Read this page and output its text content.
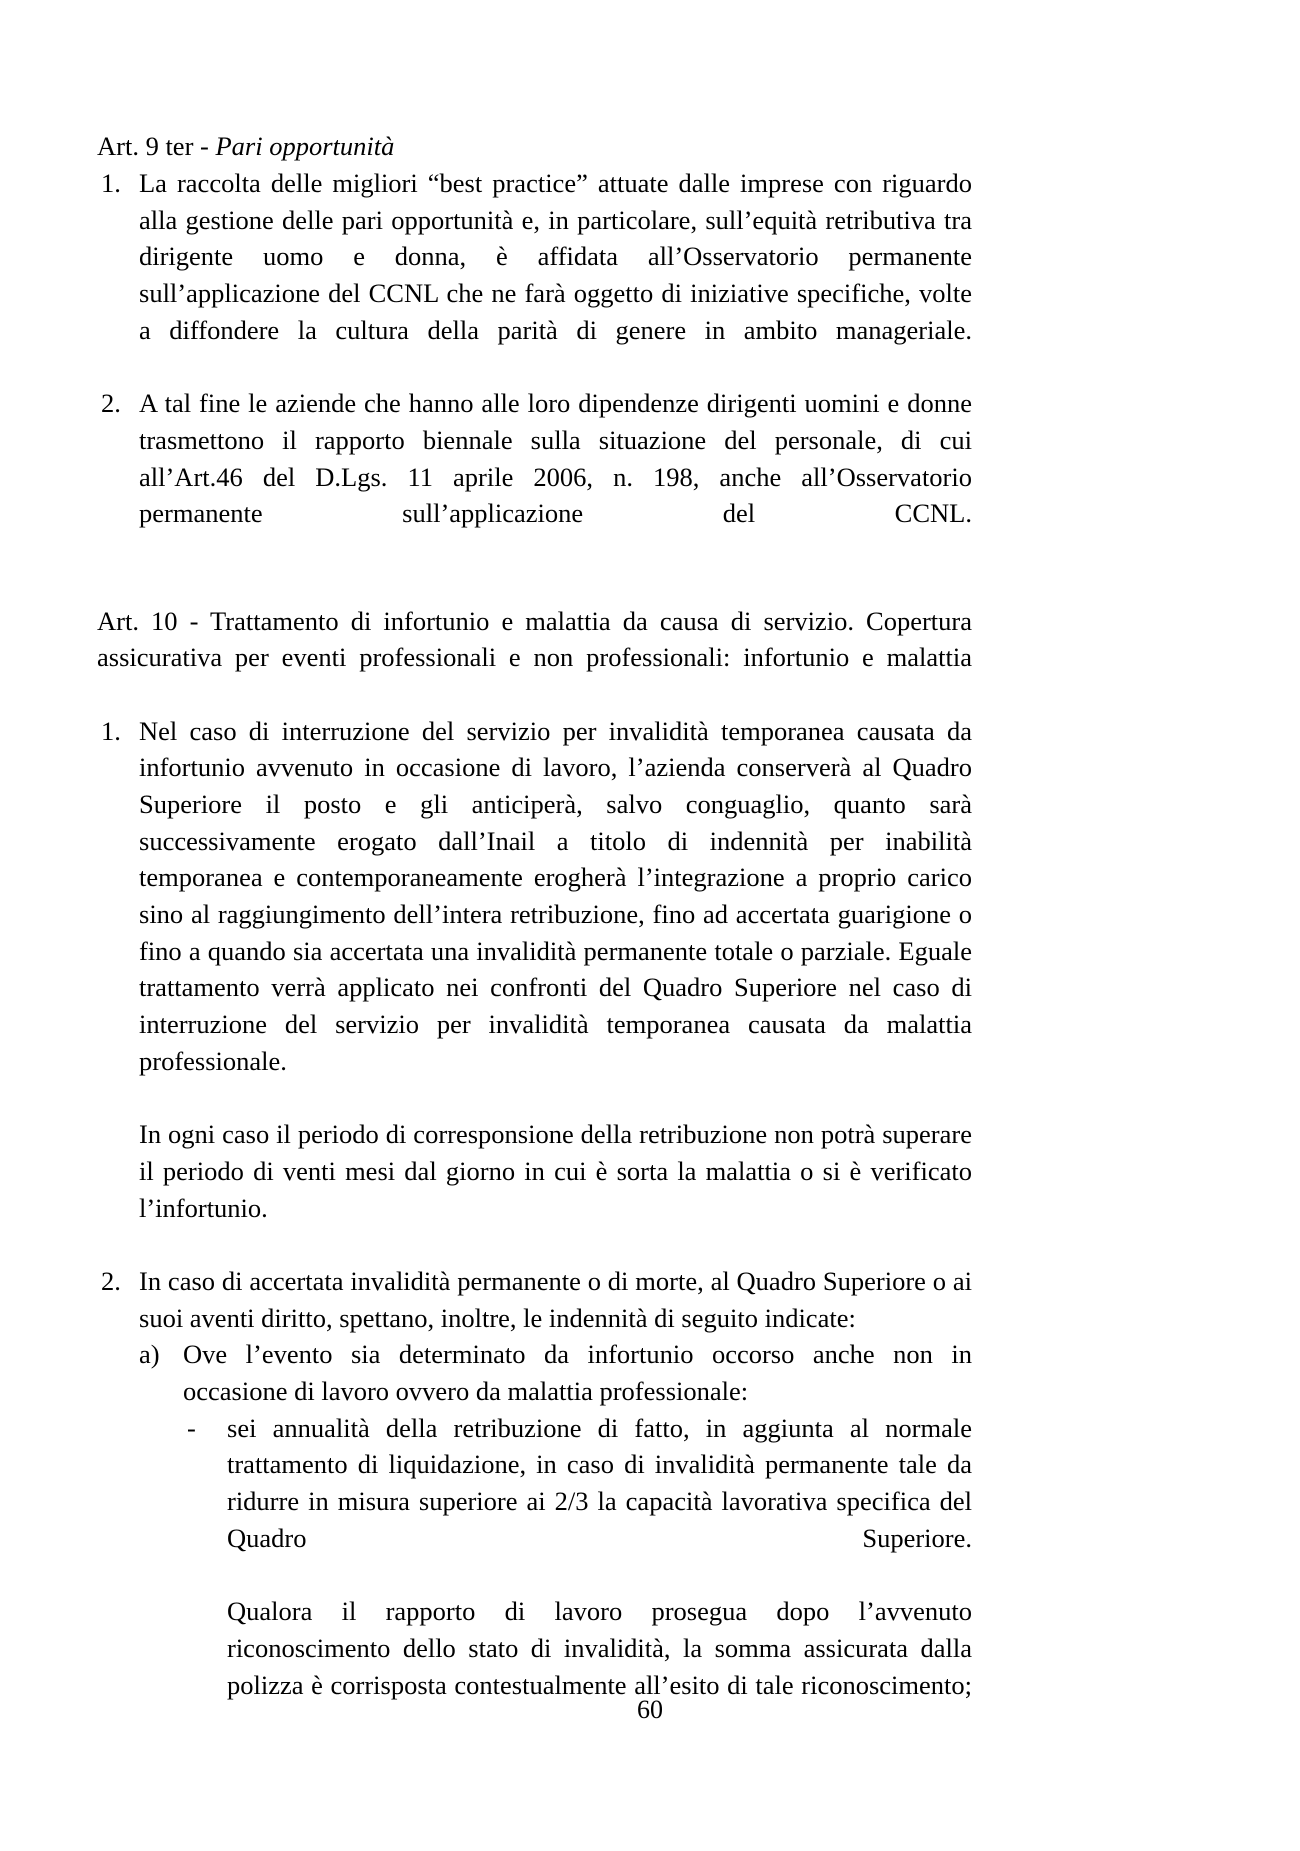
Art. 9 ter - Pari opportunità

1. La raccolta delle migliori “best practice” attuate dalle imprese con riguardo alla gestione delle pari opportunità e, in particolare, sull’equità retributiva tra dirigente uomo e donna, è affidata all’Osservatorio permanente sull’applicazione del CCNL che ne farà oggetto di iniziative specifiche, volte a diffondere la cultura della parità di genere in ambito manageriale.

2. A tal fine le aziende che hanno alle loro dipendenze dirigenti uomini e donne trasmettono il rapporto biennale sulla situazione del personale, di cui all’Art.46 del D.Lgs. 11 aprile 2006, n. 198, anche all’Osservatorio permanente sull’applicazione del CCNL.

Art. 10 - Trattamento di infortunio e malattia da causa di servizio. Copertura assicurativa per eventi professionali e non professionali: infortunio e malattia

1. Nel caso di interruzione del servizio per invalidità temporanea causata da infortunio avvenuto in occasione di lavoro, l’azienda conserverà al Quadro Superiore il posto e gli anticiperà, salvo conguaglio, quanto sarà successivamente erogato dall’Inail a titolo di indennità per inabilità temporanea e contemporaneamente erogherà l’integrazione a proprio carico sino al raggiungimento dell’intera retribuzione, fino ad accertata guarigione o fino a quando sia accertata una invalidità permanente totale o parziale. Eguale trattamento verrà applicato nei confronti del Quadro Superiore nel caso di interruzione del servizio per invalidità temporanea causata da malattia professionale.

In ogni caso il periodo di corresponsione della retribuzione non potrà superare il periodo di venti mesi dal giorno in cui è sorta la malattia o si è verificato l’infortunio.

2. In caso di accertata invalidità permanente o di morte, al Quadro Superiore o ai suoi aventi diritto, spettano, inoltre, le indennità di seguito indicate:

a) Ove l’evento sia determinato da infortunio occorso anche non in occasione di lavoro ovvero da malattia professionale:

- sei annualità della retribuzione di fatto, in aggiunta al normale trattamento di liquidazione, in caso di invalidità permanente tale da ridurre in misura superiore ai 2/3 la capacità lavorativa specifica del Quadro Superiore.

Qualora il rapporto di lavoro prosegua dopo l’avvenuto riconoscimento dello stato di invalidità, la somma assicurata dalla polizza è corrisposta contestualmente all’esito di tale riconoscimento;

60
